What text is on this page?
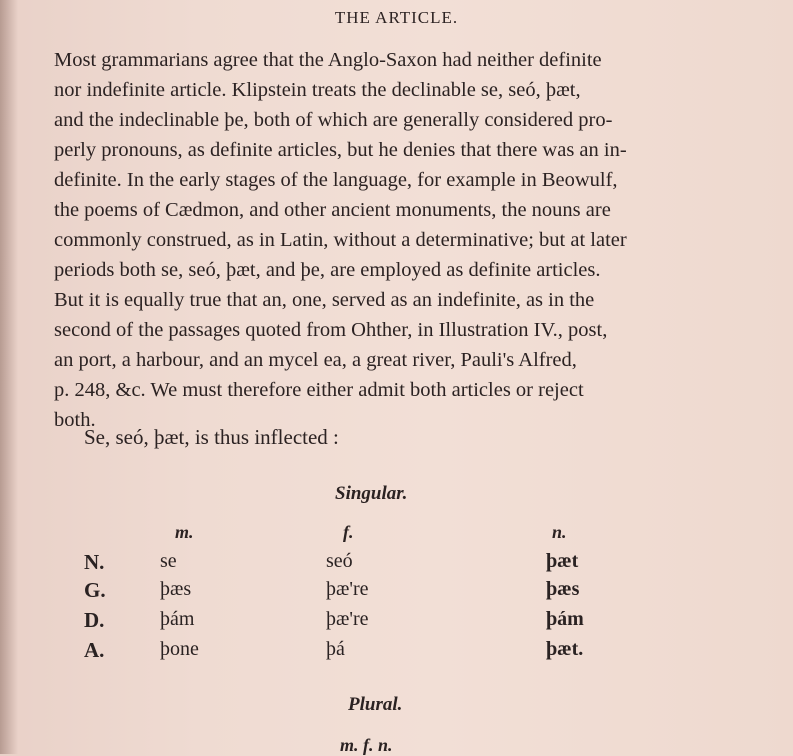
THE ARTICLE.

Most grammarians agree that the Anglo-Saxon had neither definite

nor indefinite article. Klipstein treats the declinable se, seó, þæt,

and the indeclinable þe, both of which are generally considered pro-

perly pronouns, as definite articles, but he denies that there was an in-

definite. In the early stages of the language, for example in Beowulf,

the poems of Cædmon, and other ancient monuments, the nouns are

commonly construed, as in Latin, without a determinative; but at later

periods both se, seó, þæt, and þe, are employed as definite articles.

But it is equally true that an, one, served as an indefinite, as in the

second of the passages quoted from Ohther, in Illustration IV., post,

an port, a harbour, and an mycel ea, a great river, Pauli's Alfred,

p. 248, &c. We must therefore either admit both articles or reject

both.

Se, seó, þæt, is thus inflected :
Singular.
m.	f.	n.
N.	se	seó	þæt
G.	þæs	þæ're	þæs
D.	þám	þæ're	þám
A.	þone	þá	þæt.
Plural.
m. f. n.
